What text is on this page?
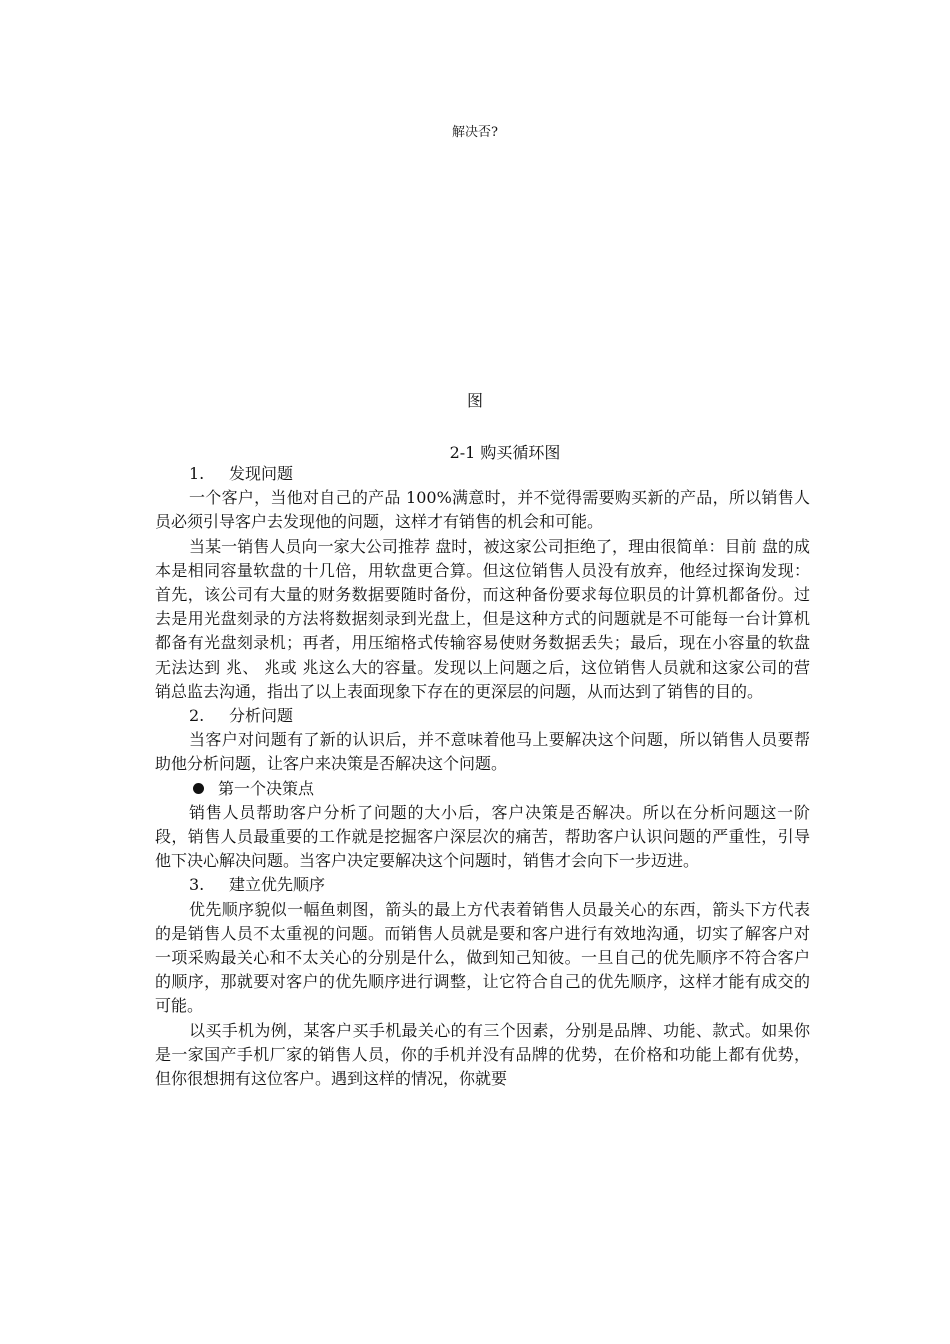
解决否?
图
2-1 购买循环图

1. 发现问题

一个客户，当他对自己的产品 100%满意时，并不觉得需要购买新的产品，所以销售人员必须引导客户去发现他的问题，这样才有销售的机会和可能。

当某一销售人员向一家大公司推荐 盘时，被这家公司拒绝了，理由很简单：目前 盘的成本是相同容量软盘的十几倍，用软盘更合算。但这位销售人员没有放弃，他经过探询发现：首先，该公司有大量的财务数据要随时备份，而这种备份要求每位职员的计算机都备份。过去是用光盘刻录的方法将数据刻录到光盘上，但是这种方式的问题就是不可能每一台计算机都备有光盘刻录机；再者，用压缩格式传输容易使财务数据丢失；最后，现在小容量的软盘无法达到 兆、 兆或 兆这么大的容量。发现以上问题之后，这位销售人员就和这家公司的营销总监去沟通，指出了以上表面现象下存在的更深层的问题，从而达到了销售的目的。

2. 分析问题

当客户对问题有了新的认识后，并不意味着他马上要解决这个问题，所以销售人员要帮助他分析问题，让客户来决策是否解决这个问题。

第一个决策点

销售人员帮助客户分析了问题的大小后，客户决策是否解决。所以在分析问题这一阶段，销售人员最重要的工作就是挖掘客户深层次的痛苦，帮助客户认识问题的严重性，引导他下决心解决问题。当客户决定要解决这个问题时，销售才会向下一步迈进。

3. 建立优先顺序

优先顺序貌似一幅鱼刺图，箭头的最上方代表着销售人员最关心的东西，箭头下方代表的是销售人员不太重视的问题。而销售人员就是要和客户进行有效地沟通，切实了解客户对一项采购最关心和不太关心的分别是什么，做到知己知彼。一旦自己的优先顺序不符合客户的顺序，那就要对客户的优先顺序进行调整，让它符合自己的优先顺序，这样才能有成交的可能。

以买手机为例，某客户买手机最关心的有三个因素，分别是品牌、功能、款式。如果你是一家国产手机厂家的销售人员，你的手机并没有品牌的优势，在价格和功能上都有优势，但你很想拥有这位客户。遇到这样的情况，你就要
